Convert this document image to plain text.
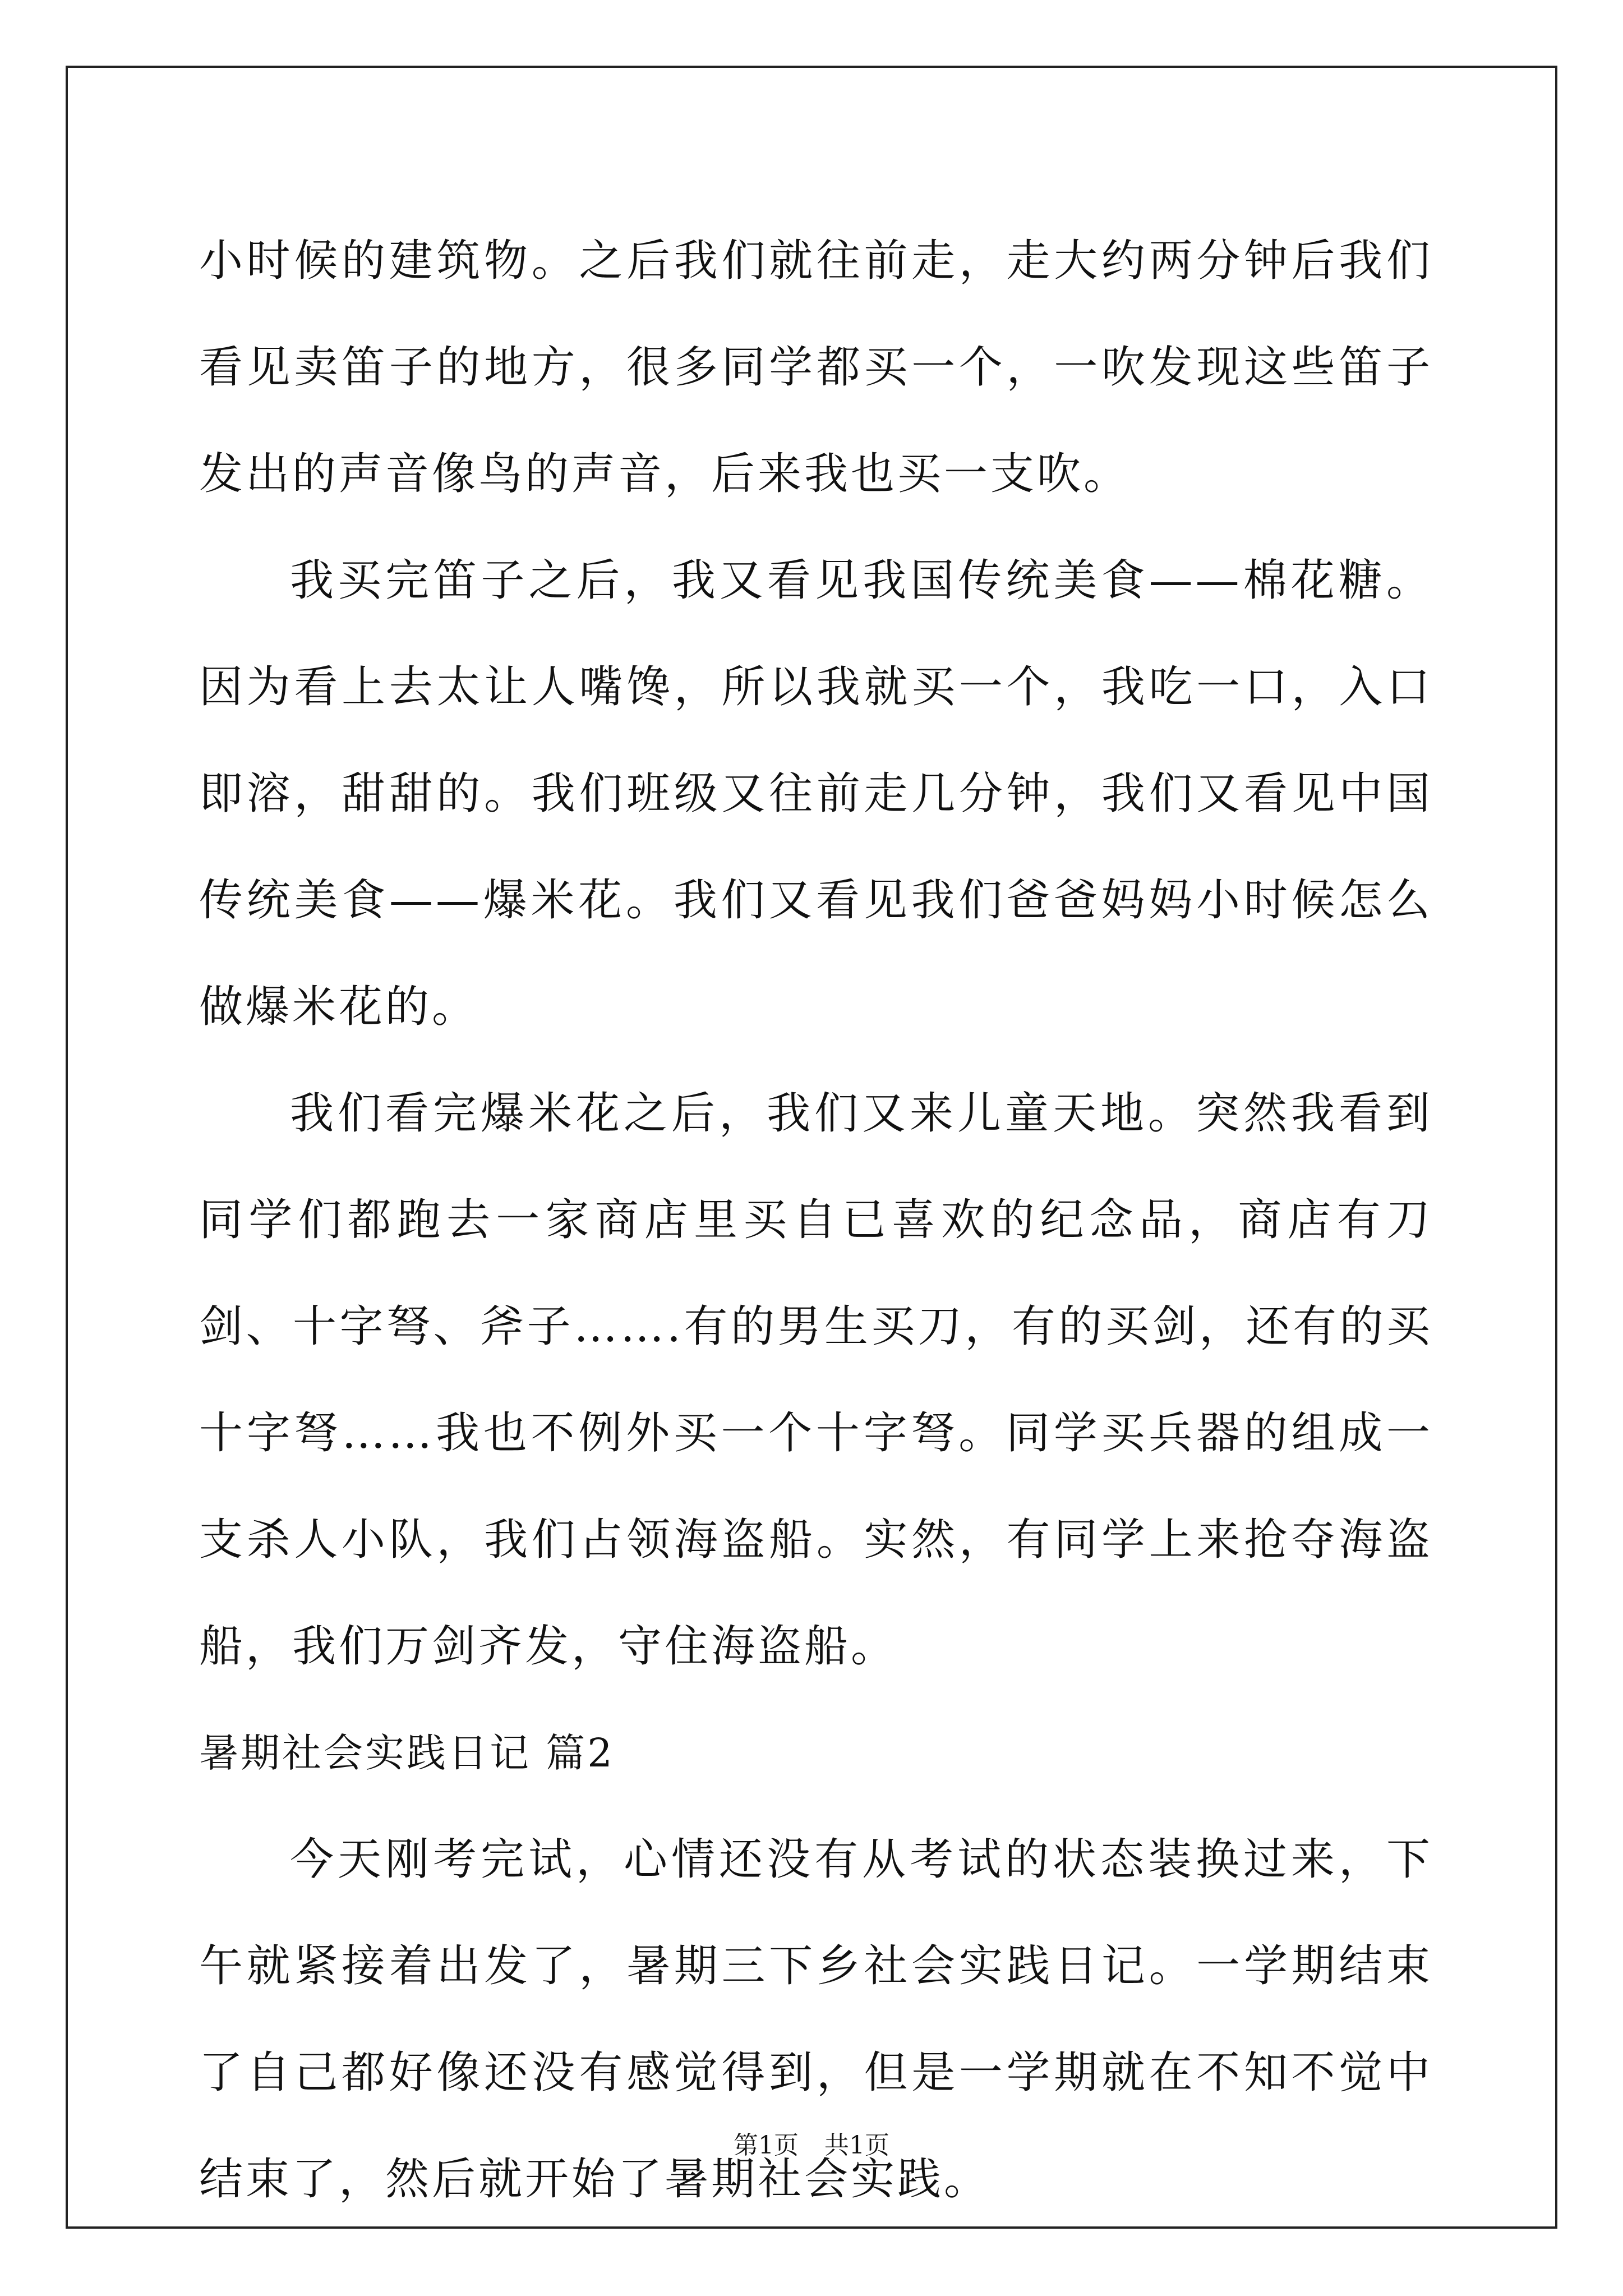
小时候的建筑物。之后我们就往前走，走大约两分钟后我们看见卖笛子的地方，很多同学都买一个，一吹发现这些笛子发出的声音像鸟的声音，后来我也买一支吹。

我买完笛子之后，我又看见我国传统美食——棉花糖。因为看上去太让人嘴馋，所以我就买一个，我吃一口，入口即溶，甜甜的。我们班级又往前走几分钟，我们又看见中国传统美食——爆米花。我们又看见我们爸爸妈妈小时候怎么做爆米花的。

我们看完爆米花之后，我们又来儿童天地。突然我看到同学们都跑去一家商店里买自已喜欢的纪念品，商店有刀剑、十字弩、斧子…….有的男生买刀，有的买剑，还有的买十字弩……我也不例外买一个十字弩。同学买兵器的组成一支杀人小队，我们占领海盗船。实然，有同学上来抢夺海盗船，我们万剑齐发，守住海盗船。

暑期社会实践日记 篇2

今天刚考完试，心情还没有从考试的状态装换过来，下午就紧接着出发了，暑期三下乡社会实践日记。一学期结束了自己都好像还没有感觉得到，但是一学期就在不知不觉中结束了，然后就开始了暑期社会实践。

第1页 共1页
